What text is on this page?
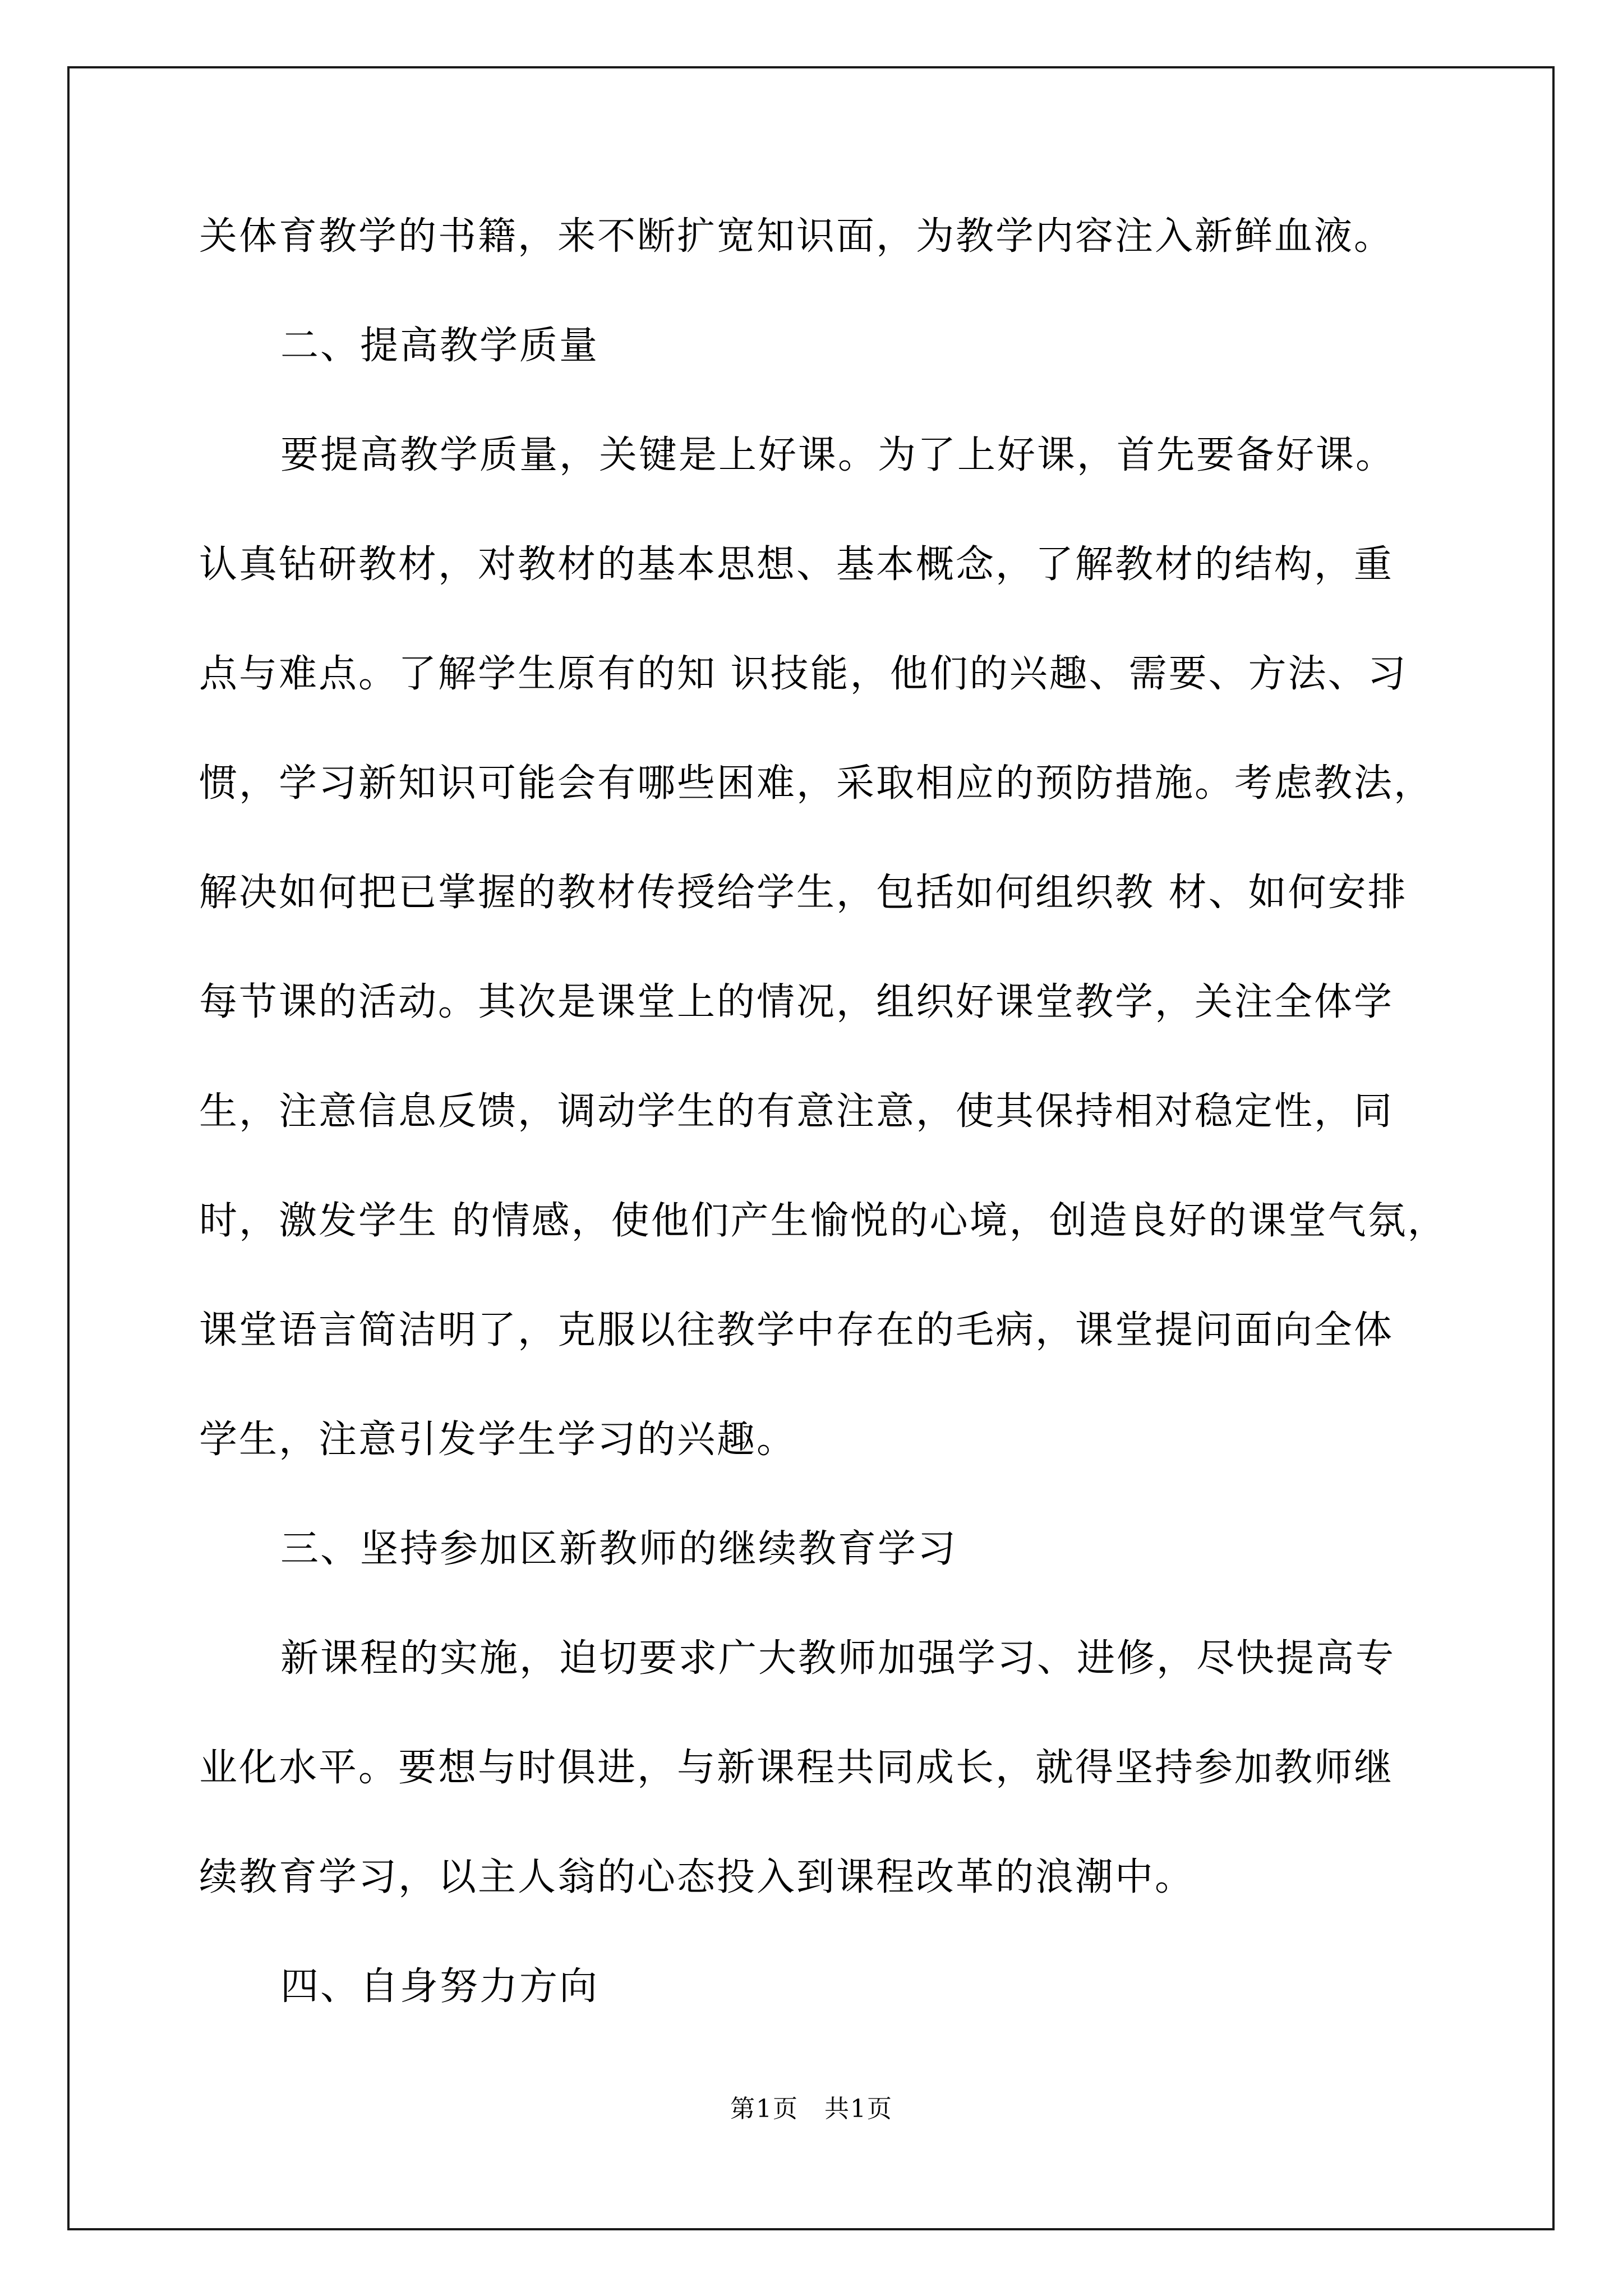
关体育教学的书籍，来不断扩宽知识面，为教学内容注入新鲜血液。
二、提高教学质量
要提高教学质量，关键是上好课。为了上好课，首先要备好课。
认真钻研教材，对教材的基本思想、基本概念，了解教材的结构，重
点与难点。了解学生原有的知 识技能，他们的兴趣、需要、方法、习
惯，学习新知识可能会有哪些困难，采取相应的预防措施。考虑教法，
解决如何把已掌握的教材传授给学生，包括如何组织教 材、如何安排
每节课的活动。其次是课堂上的情况，组织好课堂教学，关注全体学
生，注意信息反馈，调动学生的有意注意，使其保持相对稳定性，同
时，激发学生 的情感，使他们产生愉悦的心境，创造良好的课堂气氛，
课堂语言简洁明了，克服以往教学中存在的毛病，课堂提问面向全体
学生，注意引发学生学习的兴趣。
三、坚持参加区新教师的继续教育学习
新课程的实施，迫切要求广大教师加强学习、进修，尽快提高专
业化水平。要想与时俱进，与新课程共同成长，就得坚持参加教师继
续教育学习，以主人翁的心态投入到课程改革的浪潮中。
四、自身努力方向
第1页　共1页
